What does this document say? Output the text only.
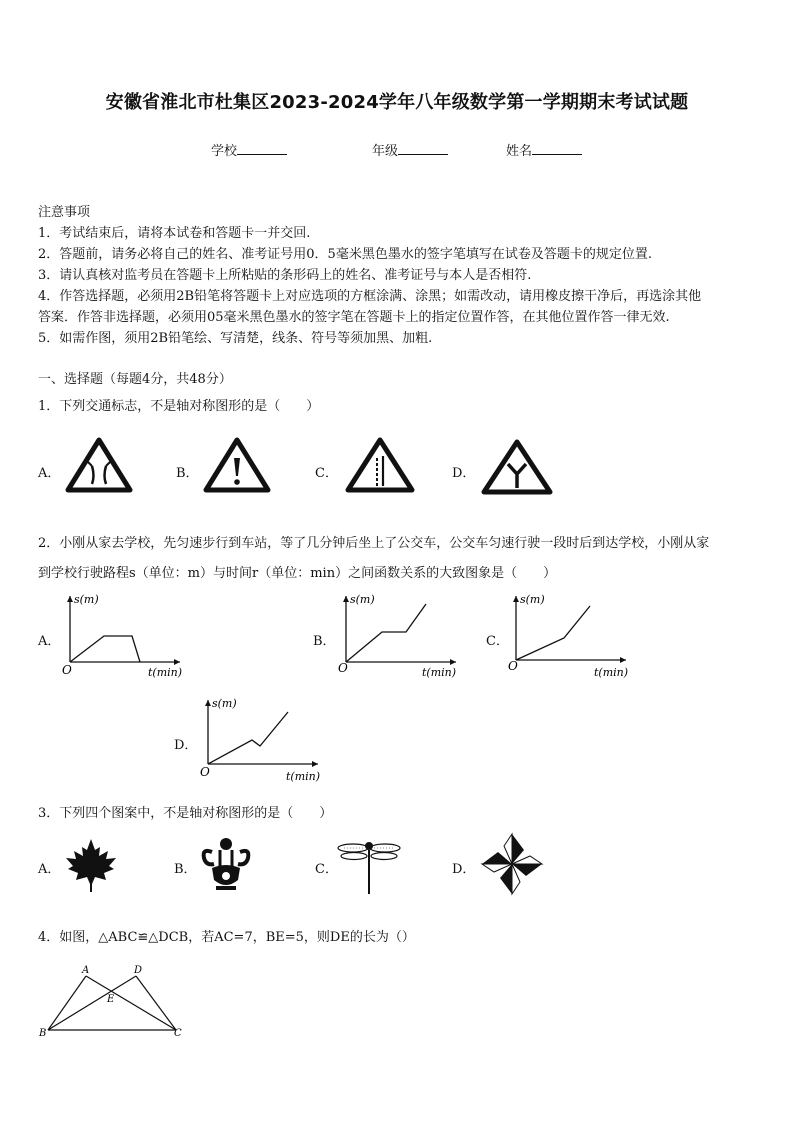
安徽省淮北市杜集区2023-2024学年八年级数学第一学期期末考试试题
学校	年级	姓名

注意事项

1．考试结束后，请将本试卷和答题卡一并交回.

2．答题前，请务必将自己的姓名、准考证号用0．5毫米黑色墨水的签字笔填写在试卷及答题卡的规定位置.

3．请认真核对监考员在答题卡上所粘贴的条形码上的姓名、准考证号与本人是否相符.

4．作答选择题，必须用2B铅笔将答题卡上对应选项的方框涂满、涂黑；如需改动，请用橡皮擦干净后，再选涂其他

答案．作答非选择题，必须用05毫米黑色墨水的签字笔在答题卡上的指定位置作答，在其他位置作答一律无效.

5．如需作图，须用2B铅笔绘、写清楚，线条、符号等须加黑、加粗.

一、选择题（每题4分，共48分）
1．下列交通标志，不是轴对称图形的是（　　）
A．	B．	C．	D．
2．小刚从家去学校，先匀速步行到车站，等了几分钟后坐上了公交车，公交车匀速行驶一段时后到达学校，小刚从家
到学校行驶路程s（单位：m）与时间r（单位：min）之间函数关系的大致图象是（　　）
A．
s(m)
O	t(min)
B．
s(m)
O	t(min)
C．
s(m)
O	t(min)
D．
s(m)
O	t(min)
3．下列四个图案中，不是轴对称图形的是（　　）
A．	B．	C．	D．
4．如图，△ABC≌△DCB，若AC=7，BE=5，则DE的长为（）
A	D
E
B	C
